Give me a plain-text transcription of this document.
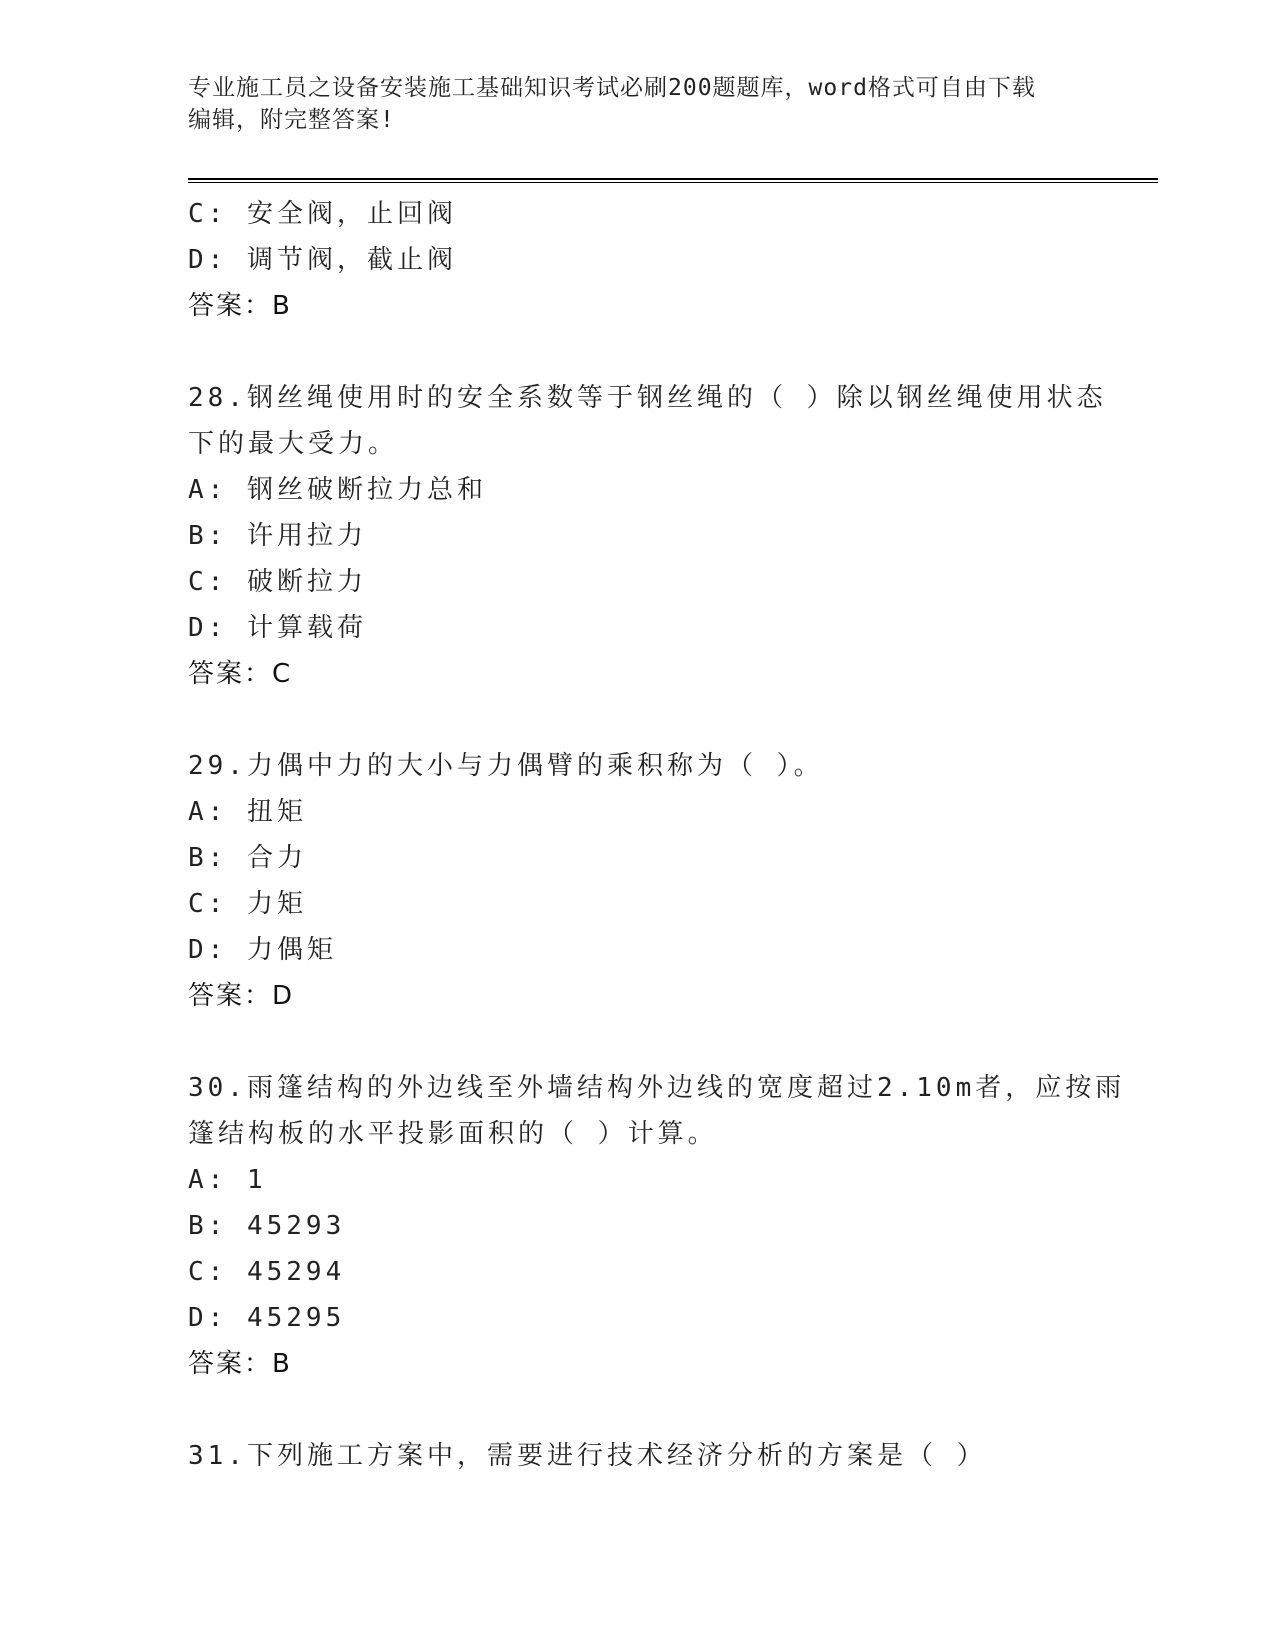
专业施工员之设备安装施工基础知识考试必刷200题题库，word格式可自由下载
编辑，附完整答案!
C: 安全阀，止回阀
D: 调节阀，截止阀
答案：B
28.钢丝绳使用时的安全系数等于钢丝绳的（ ）除以钢丝绳使用状态
下的最大受力。
A: 钢丝破断拉力总和
B: 许用拉力
C: 破断拉力
D: 计算载荷
答案：C
29.力偶中力的大小与力偶臂的乘积称为（ ）。
A: 扭矩
B: 合力
C: 力矩
D: 力偶矩
答案：D
30.雨篷结构的外边线至外墙结构外边线的宽度超过2.10m者，应按雨
篷结构板的水平投影面积的（ ）计算。
A: 1
B: 45293
C: 45294
D: 45295
答案：B
31.下列施工方案中，需要进行技术经济分析的方案是（ ）
